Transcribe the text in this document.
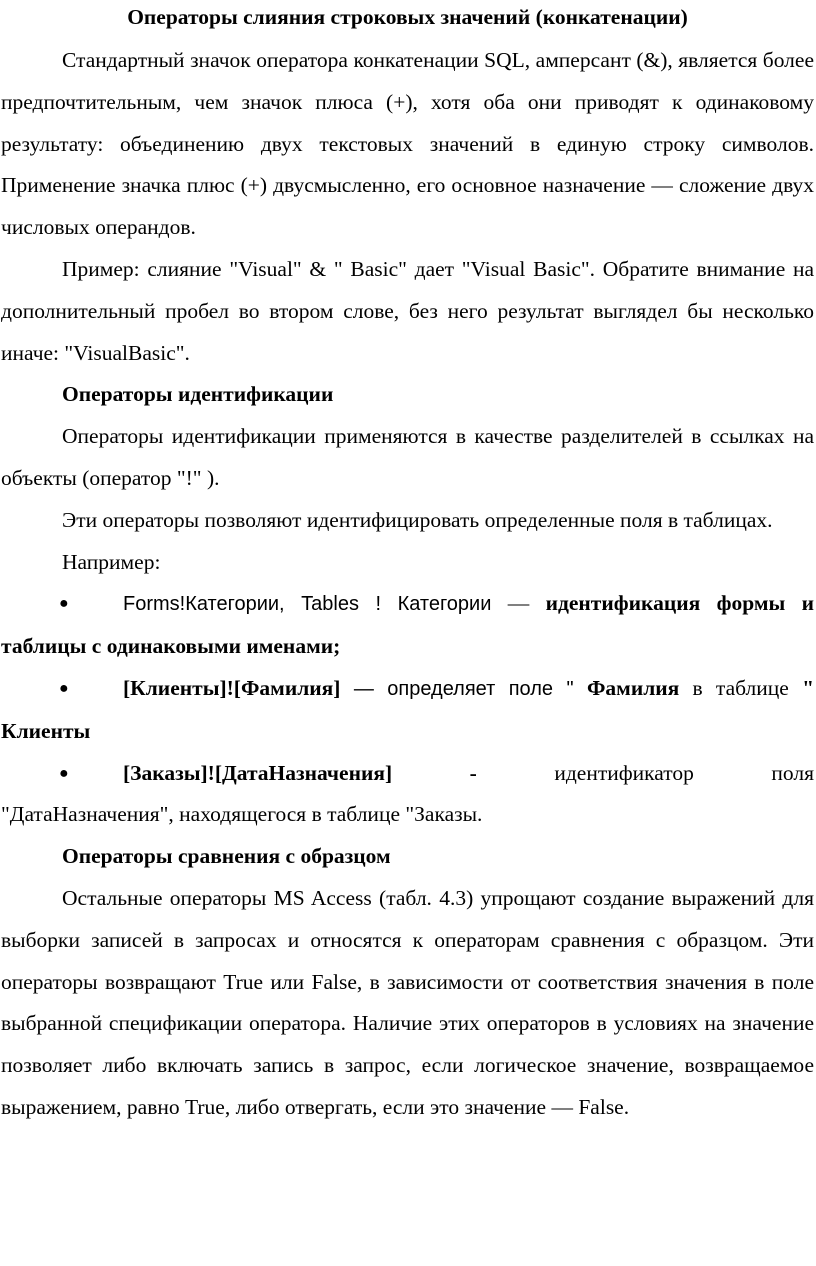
Операторы слияния строковых значений (конкатенации)

Стандартный значок оператора конкатенации SQL, амперсант (&), является более предпочтительным, чем значок плюса (+), хотя оба они приводят к одинаковому результату: объединению двух текстовых значений в единую строку символов. Применение значка плюс (+) двусмысленно, его основное назначение — сложение двух числовых операндов.

Пример: слияние "Visual" & " Basic" дает "Visual Basic". Обратите внимание на дополнительный пробел во втором слове, без него результат выглядел бы несколько иначе: "VisualBasic".

Операторы идентификации

Операторы идентификации применяются в качестве разделителей в ссылках на объекты (оператор "!" ).

Эти операторы позволяют идентифицировать определенные поля в таблицах.

Например:

●	Forms!Категории, Tables ! Категории — идентификация формы и таблицы с одинаковыми именами;
●	[Клиенты]![Фамилия] — определяет поле " Фамилия в таблице " Клиенты
●	[Заказы]![ДатаНазначения]	-	идентификатор	поля
"ДатаНазначения", находящегося в таблице "Заказы.

Операторы сравнения с образцом

Остальные операторы MS Access (табл. 4.3) упрощают создание выражений для выборки записей в запросах и относятся к операторам сравнения с образцом. Эти операторы возвращают True или False, в зависимости от соответствия значения в поле выбранной спецификации оператора. Наличие этих операторов в условиях на значение позволяет либо включать запись в запрос, если логическое значение, возвращаемое выражением, равно True, либо отвергать, если это значение — False.
